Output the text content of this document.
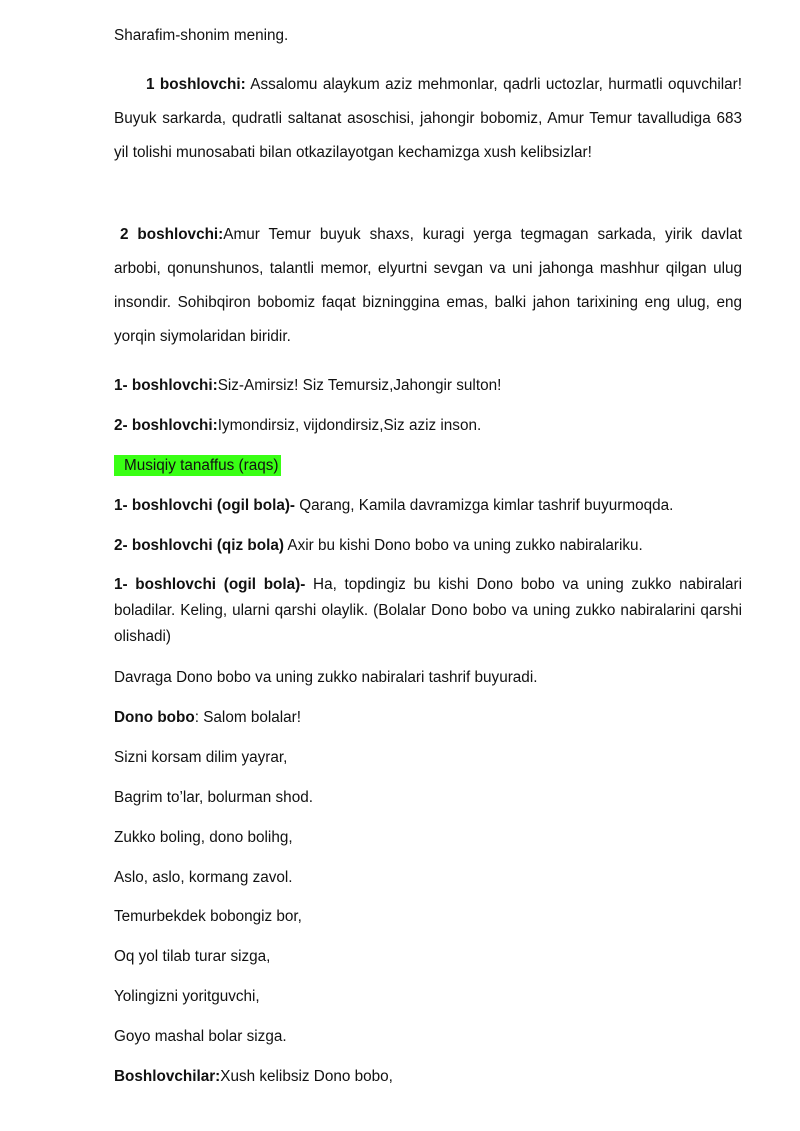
Sharafim-shonim mening.

1 boshlovchi: Assalomu alaykum aziz mehmonlar, qadrli uctozlar, hurmatli oquvchilar! Buyuk sarkarda, qudratli saltanat asoschisi, jahongir bobomiz, Amur Temur tavalludiga 683 yil tolishi munosabati bilan otkazilayotgan kechamizga xush kelibsizlar!

2 boshlovchi:Amur Temur buyuk shaxs, kuragi yerga tegmagan sarkada, yirik davlat arbobi, qonunshunos, talantli memor, elyurtni sevgan va uni jahonga mashhur qilgan ulug insondir. Sohibqiron bobomiz faqat bizninggina emas, balki jahon tarixining eng ulug, eng yorqin siymolaridan biridir.

1- boshlovchi:Siz-Amirsiz! Siz Temursiz,Jahongir sulton!

2- boshlovchi:Iymondirsiz, vijdondirsiz,Siz aziz inson.

Musiqiy tanaffus (raqs)

1- boshlovchi (ogil bola)- Qarang, Kamila davramizga kimlar tashrif buyurmoqda.

2- boshlovchi (qiz bola) Axir bu kishi Dono bobo va uning zukko nabiralariku.

1- boshlovchi (ogil bola)- Ha, topdingiz bu kishi Dono bobo va uning zukko nabiralari boladilar. Keling, ularni qarshi olaylik. (Bolalar Dono bobo va uning zukko nabiralarini qarshi olishadi)

Davraga Dono bobo va uning zukko nabiralari tashrif buyuradi.

Dono bobo: Salom bolalar!

Sizni korsam dilim yayrar,

Bagrim to’lar, bolurman shod.

Zukko boling, dono bolihg,

Aslo, aslo, kormang zavol.

Temurbekdek bobongiz bor,

Oq yol tilab turar sizga,

Yolingizni yoritguvchi,

Goyo mashal bolar sizga.

Boshlovchilar:Xush kelibsiz Dono bobo,
